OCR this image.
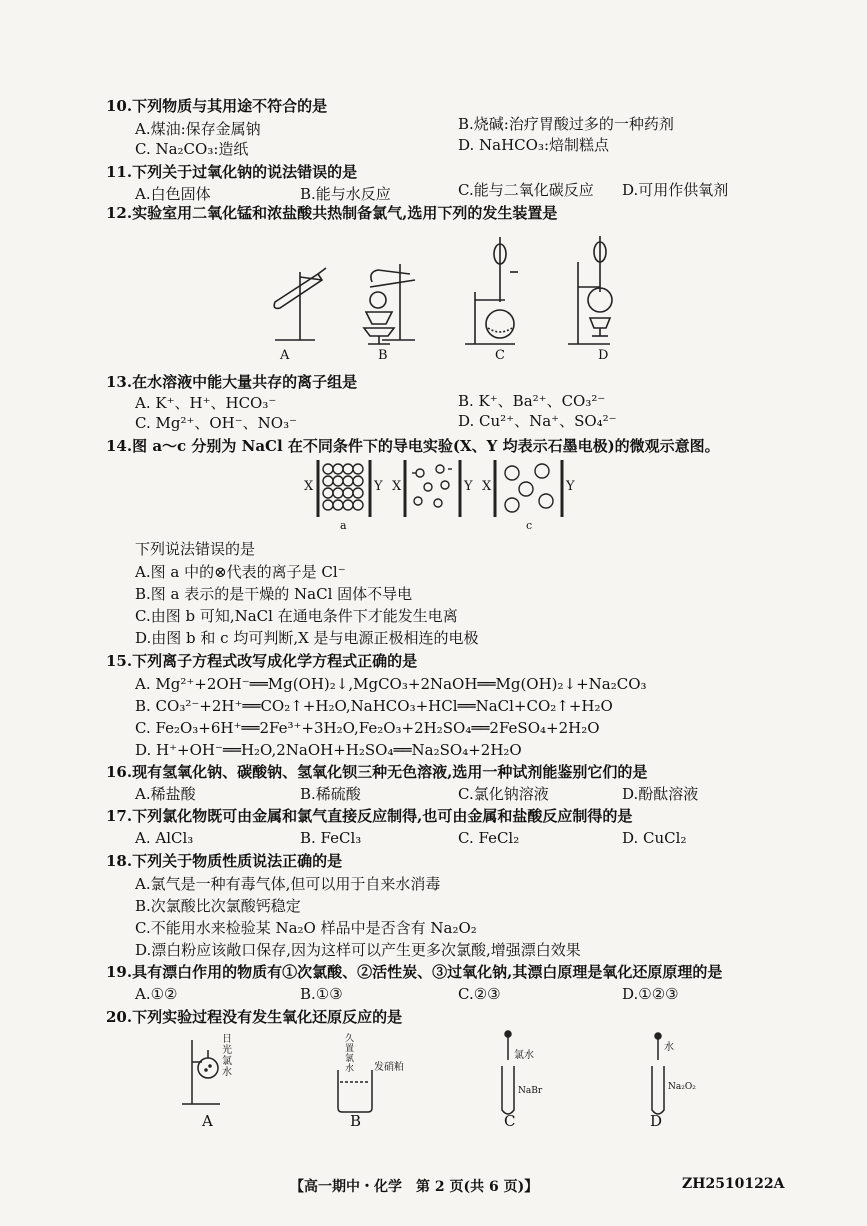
10.下列物质与其用途不符合的是
A.煤油:保存金属钠	B.烧碱:治疗胃酸过多的一种药剂
C. Na₂CO₃:造纸	D. NaHCO₃:焙制糕点
11.下列关于过氧化钠的说法错误的是
A.白色固体	B.能与水反应	C.能与二氧化碳反应 D.可用作供氧剂
12.实验室用二氧化锰和浓盐酸共热制备氯气,选用下列的发生装置是
A	B	C	D
13.在水溶液中能大量共存的离子组是
A. K⁺、H⁺、HCO₃⁻	B. K⁺、Ba²⁺、CO₃²⁻
C. Mg²⁺、OH⁻、NO₃⁻	D. Cu²⁺、Na⁺、SO₄²⁻
14.图 a～c 分别为 NaCl 在不同条件下的导电实验(X、Y 均表示石墨电极)的微观示意图。
X	Y X	Y X	Y
a	c
下列说法错误的是
A.图 a 中的⊗代表的离子是 Cl⁻
B.图 a 表示的是干燥的 NaCl 固体不导电
C.由图 b 可知,NaCl 在通电条件下才能发生电离
D.由图 b 和 c 均可判断,X 是与电源正极相连的电极
15.下列离子方程式改写成化学方程式正确的是
A. Mg²⁺+2OH⁻══Mg(OH)₂↓,MgCO₃+2NaOH══Mg(OH)₂↓+Na₂CO₃
B. CO₃²⁻+2H⁺══CO₂↑+H₂O,NaHCO₃+HCl══NaCl+CO₂↑+H₂O
C. Fe₂O₃+6H⁺══2Fe³⁺+3H₂O,Fe₂O₃+2H₂SO₄══2FeSO₄+2H₂O
D. H⁺+OH⁻══H₂O,2NaOH+H₂SO₄══Na₂SO₄+2H₂O
16.现有氢氧化钠、碳酸钠、氢氧化钡三种无色溶液,选用一种试剂能鉴别它们的是
A.稀盐酸	B.稀硫酸	C.氯化钠溶液	D.酚酞溶液
17.下列氯化物既可由金属和氯气直接反应制得,也可由金属和盐酸反应制得的是
A. AlCl₃	B. FeCl₃	C. FeCl₂	D. CuCl₂
18.下列关于物质性质说法正确的是
A.氯气是一种有毒气体,但可以用于自来水消毒
B.次氯酸比次氯酸钙稳定
C.不能用水来检验某 Na₂O 样品中是否含有 Na₂O₂
D.漂白粉应该敞口保存,因为这样可以产生更多次氯酸,增强漂白效果
19.具有漂白作用的物质有①次氯酸、②活性炭、③过氧化钠,其漂白原理是氧化还原原理的是
A.①②	B.①③	C.②③	D.①②③
20.下列实验过程没有发生氧化还原反应的是
日
光
氯
水
久
置
氯
水 发硝粕
氯水
NaBr
水
Na₂O₂
A	B	C	D
【高一期中・化学　第 2 页(共 6 页)】	ZH2510122A
